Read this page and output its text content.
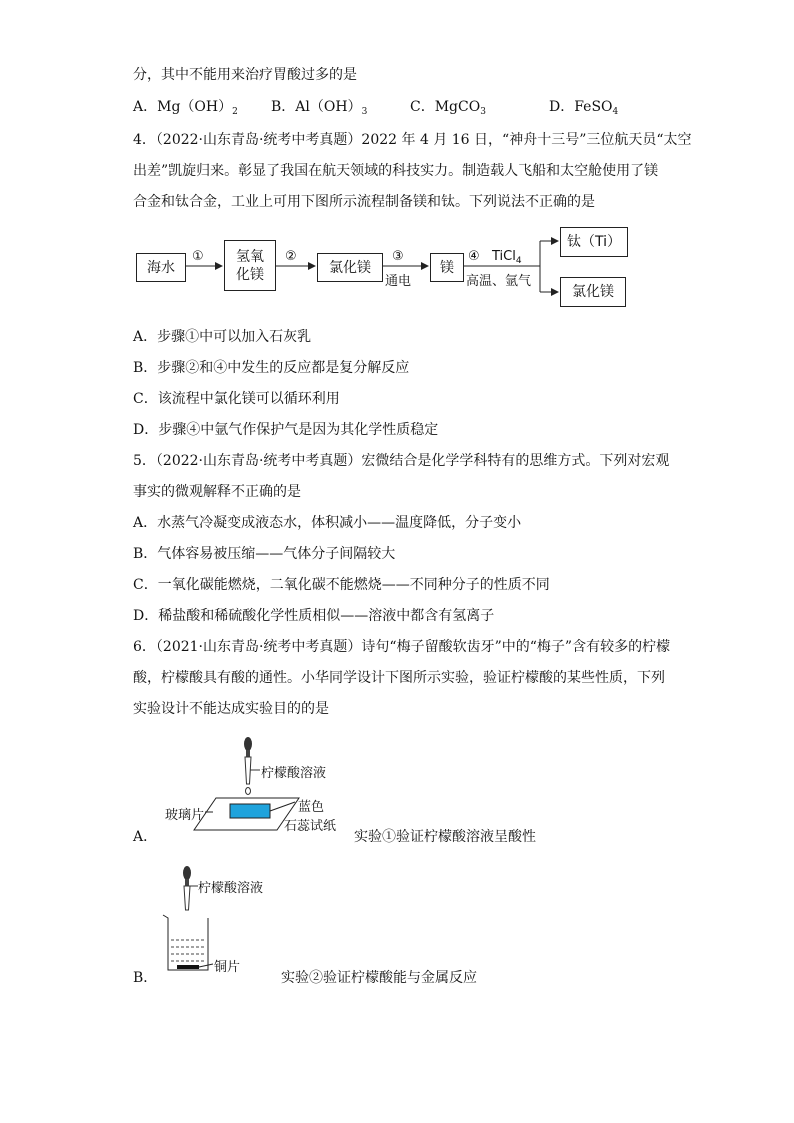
分，其中不能用来治疗胃酸过多的是
A．$Mg(OH)_2$ B．$Al(OH)_3$	C．MgCO$_3$	D．FeSO$_4$
4．（2022·山东青岛·统考中考真题）2022 年 4 月 16 日，“神舟十三号”三位航天员“太空
出差”凯旋归来。彰显了我国在航天领域的科技实力。制造载人飞船和太空舱使用了镁
合金和钛合金，工业上可用下图所示流程制备镁和钛。下列说法不正确的是
海水
氢氧
化镁	氯化镁	镁
钛（Ti）
氯化镁
①	②	③
通电
④ TiCl$_4$
高温、氩气
A．步骤①中可以加入石灰乳
B．步骤②和④中发生的反应都是复分解反应
C．该流程中氯化镁可以循环利用
D．步骤④中氩气作保护气是因为其化学性质稳定
5．（2022·山东青岛·统考中考真题）宏微结合是化学学科特有的思维方式。下列对宏观
事实的微观解释不正确的是
A．水蒸气冷凝变成液态水，体积减小——温度降低，分子变小
B．气体容易被压缩——气体分子间隔较大
C．一氧化碳能燃烧，二氧化碳不能燃烧——不同种分子的性质不同
D．稀盐酸和稀硫酸化学性质相似——溶液中都含有氢离子
6．（2021·山东青岛·统考中考真题）诗句“梅子留酸软齿牙”中的“梅子”含有较多的柠檬
酸，柠檬酸具有酸的通性。小华同学设计下图所示实验，验证柠檬酸的某些性质，下列
实验设计不能达成实验目的的是
柠檬酸溶液
玻璃片
蓝色
石蕊试纸
A．	实验①验证柠檬酸溶液呈酸性
柠檬酸溶液
铜片
B．	实验②验证柠檬酸能与金属反应
